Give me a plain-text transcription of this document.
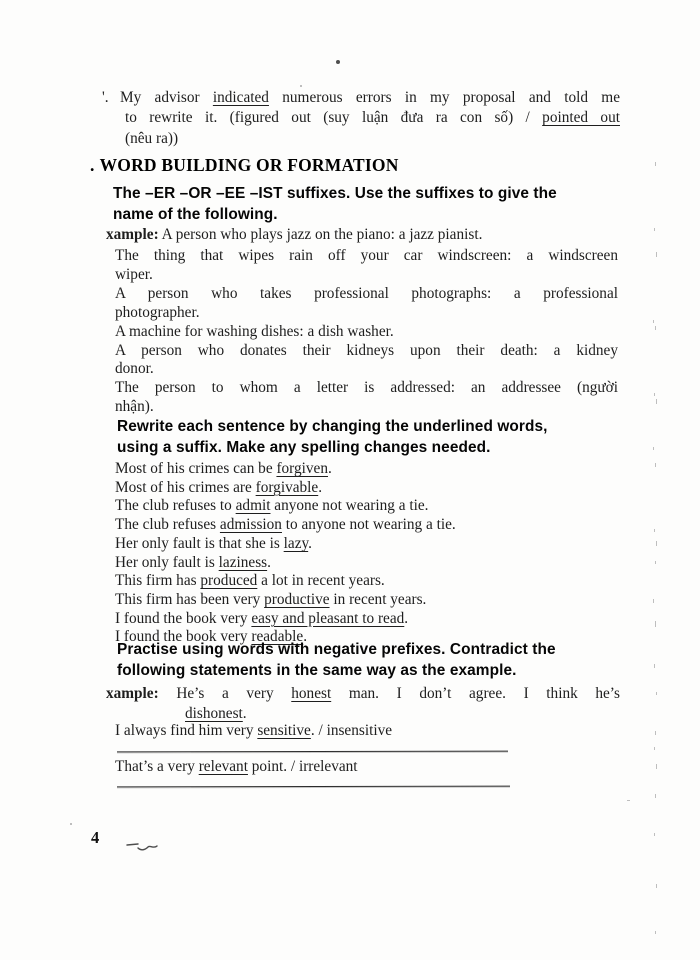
'. My advisor indicated numerous errors in my proposal and told me
to rewrite it. (figured out (suy luận đưa ra con số) / pointed out
(nêu ra))
. WORD BUILDING OR FORMATION
The –ER –OR –EE –IST suffixes. Use the suffixes to give the
name of the following.
xample: A person who plays jazz on the piano: a jazz pianist.
The thing that wipes rain off your car windscreen: a windscreen
wiper.
A person who takes professional photographs: a professional
photographer.
A machine for washing dishes: a dish washer.
A person who donates their kidneys upon their death: a kidney
donor.
The person to whom a letter is addressed: an addressee (người
nhận).
Rewrite each sentence by changing the underlined words,
using a suffix. Make any spelling changes needed.
Most of his crimes can be forgiven.
Most of his crimes are forgivable.
The club refuses to admit anyone not wearing a tie.
The club refuses admission to anyone not wearing a tie.
Her only fault is that she is lazy.
Her only fault is laziness.
This firm has produced a lot in recent years.
This firm has been very productive in recent years.
I found the book very easy and pleasant to read.
I found the book very readable.
Practise using words with negative prefixes. Contradict the
following statements in the same way as the example.
xample: He’s a very honest man. I don’t agree. I think he’s
dishonest.
I always find him very sensitive. / insensitive
That’s a very relevant point. / irrelevant
4
